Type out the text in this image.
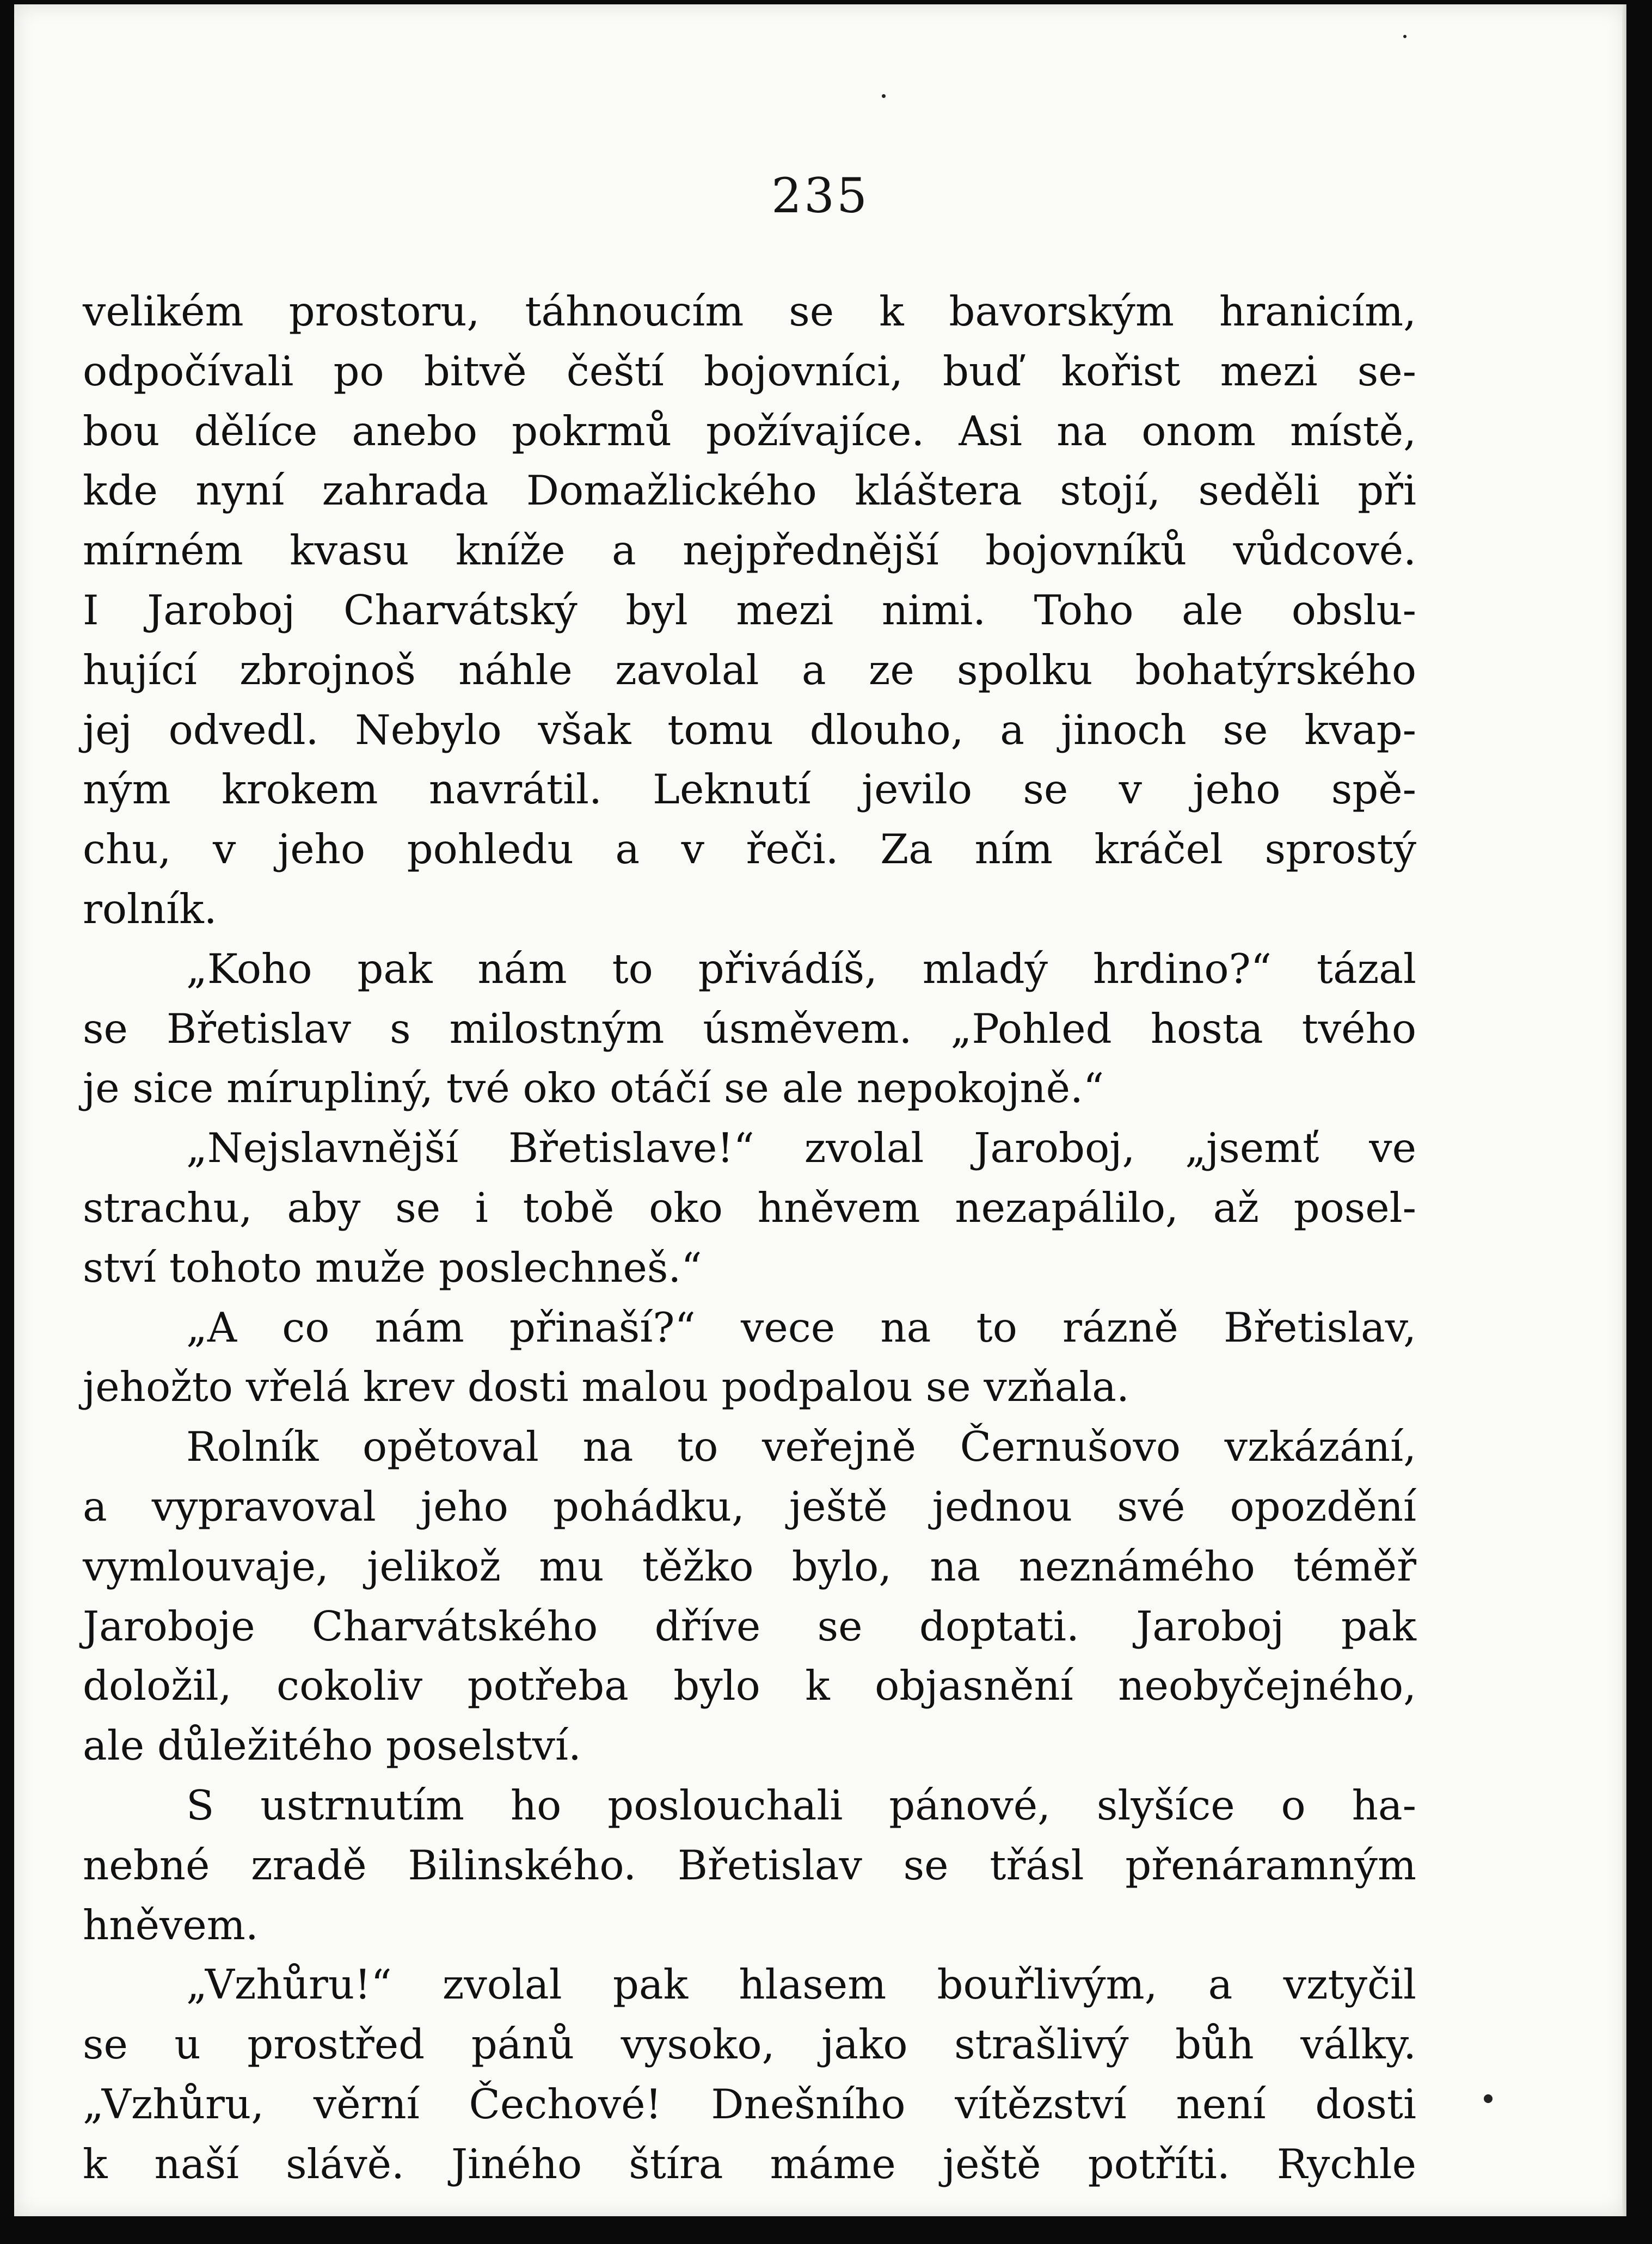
235
velikém prostoru, táhnoucím se k bavorským hranicím,
odpočívali po bitvě čeští bojovníci, buď kořist mezi se-
bou dělíce anebo pokrmů požívajíce. Asi na onom místě,
kde nyní zahrada Domažlického kláštera stojí, seděli při
mírném kvasu kníže a nejpřednější bojovníků vůdcové.
I Jaroboj Charvátský byl mezi nimi. Toho ale obslu-
hující zbrojnoš náhle zavolal a ze spolku bohatýrského
jej odvedl. Nebylo však tomu dlouho, a jinoch se kvap-
ným krokem navrátil. Leknutí jevilo se v jeho spě-
chu, v jeho pohledu a v řeči. Za ním kráčel sprostý
rolník.
„Koho pak nám to přivádíš, mladý hrdino?“ tázal
se Břetislav s milostným úsměvem. „Pohled hosta tvého
je sice mírupliný, tvé oko otáčí se ale nepokojně.“
„Nejslavnější Břetislave!“ zvolal Jaroboj, „jsemť ve
strachu, aby se i tobě oko hněvem nezapálilo, až posel-
ství tohoto muže poslechneš.“
„A co nám přinaší?“ vece na to rázně Břetislav,
jehožto vřelá krev dosti malou podpalou se vzňala.
Rolník opětoval na to veřejně Černušovo vzkázání,
a vypravoval jeho pohádku, ještě jednou své opozdění
vymlouvaje, jelikož mu těžko bylo, na neznámého téměř
Jaroboje Charvátského dříve se doptati. Jaroboj pak
doložil, cokoliv potřeba bylo k objasnění neobyčejného,
ale důležitého poselství.
S ustrnutím ho poslouchali pánové, slyšíce o ha-
nebné zradě Bilinského. Břetislav se třásl přenáramným
hněvem.
„Vzhůru!“ zvolal pak hlasem bouřlivým, a vztyčil
se u prostřed pánů vysoko, jako strašlivý bůh války.
„Vzhůru, věrní Čechové! Dnešního vítězství není dosti
k naší slávě. Jiného štíra máme ještě potříti. Rychle
